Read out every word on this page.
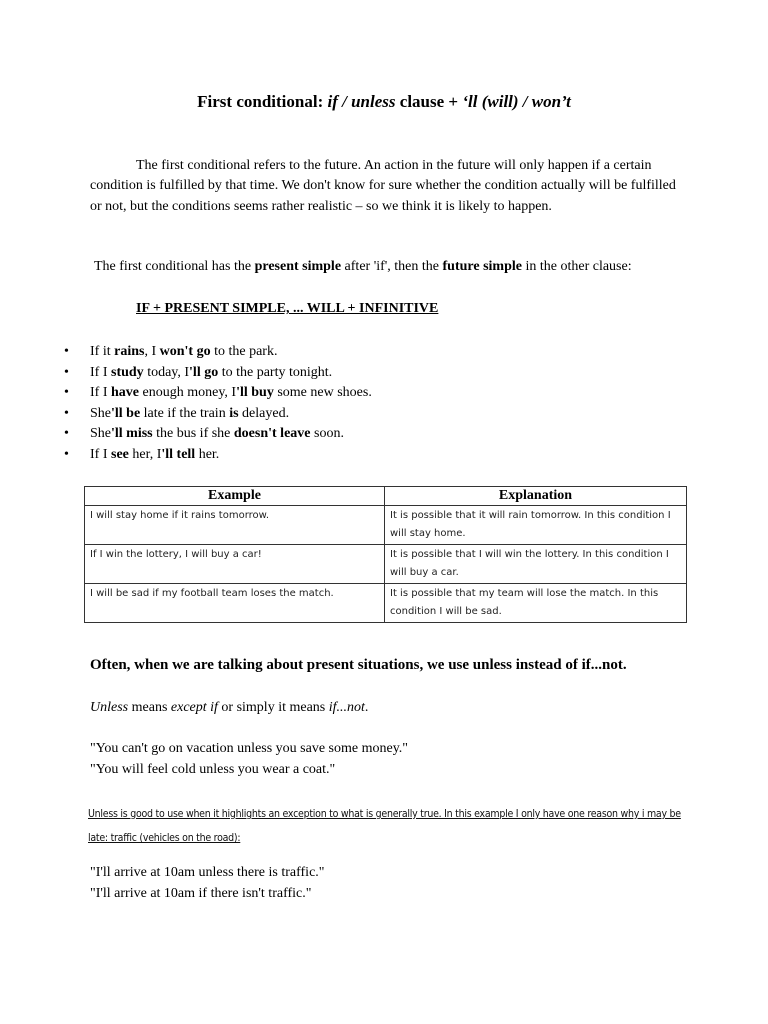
First conditional: if / unless clause + ‘ll (will) / won’t

The first conditional refers to the future. An action in the future will only happen if a certain condition is fulfilled by that time. We don't know for sure whether the condition actually will be fulfilled or not, but the conditions seems rather realistic – so we think it is likely to happen.

The first conditional has the present simple after 'if', then the future simple in the other clause:
IF + PRESENT SIMPLE, ... WILL + INFINITIVE
• If it rains, I won't go to the park.
• If I study today, I'll go to the party tonight.
• If I have enough money, I'll buy some new shoes.
• She'll be late if the train is delayed.
• She'll miss the bus if she doesn't leave soon.
• If I see her, I'll tell her.
Example	Explanation
I will stay home if it rains tomorrow.	It is possible that it will rain tomorrow. In this condition I will stay home.
If I win the lottery, I will buy a car!	It is possible that I will win the lottery. In this condition I will buy a car.
I will be sad if my football team loses the match.	It is possible that my team will lose the match. In this condition I will be sad.
Often, when we are talking about present situations, we use unless instead of if...not.
Unless means except if or simply it means if...not.
"You can't go on vacation unless you save some money."
"You will feel cold unless you wear a coat."
Unless is good to use when it highlights an exception to what is generally true. In this example I only have one reason why i may be late: traffic (vehicles on the road):
"I'll arrive at 10am unless there is traffic."
"I'll arrive at 10am if there isn't traffic."
